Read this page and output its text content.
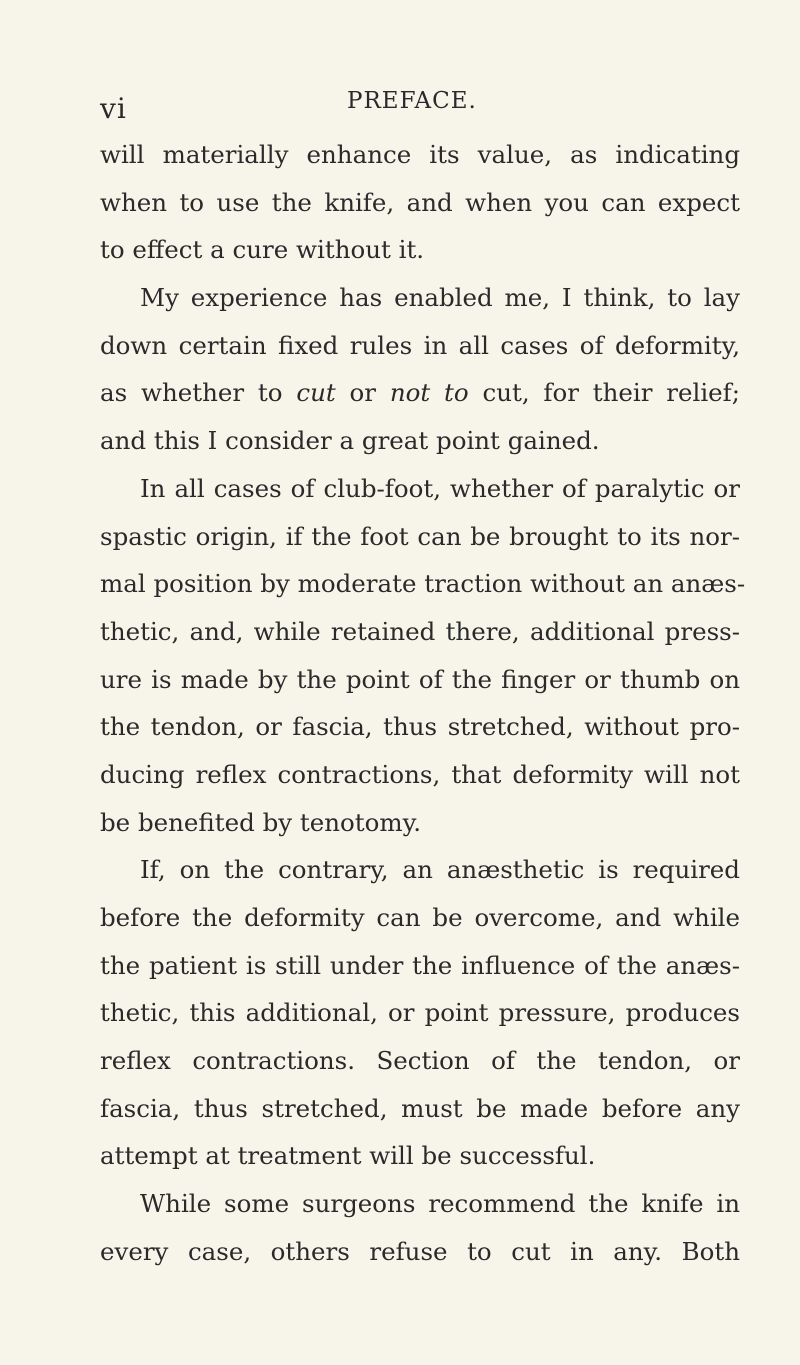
vi	PREFACE.
will materially enhance its value, as indicating
when to use the knife, and when you can expect
to effect a cure without it.
My experience has enabled me, I think, to lay
down certain fixed rules in all cases of deformity,
as whether to cut or not to cut, for their relief;
and this I consider a great point gained.
In all cases of club-foot, whether of paralytic or
spastic origin, if the foot can be brought to its nor-
mal position by moderate traction without an anæs-
thetic, and, while retained there, additional press-
ure is made by the point of the finger or thumb on
the tendon, or fascia, thus stretched, without pro-
ducing reflex contractions, that deformity will not
be benefited by tenotomy.
If, on the contrary, an anæsthetic is required
before the deformity can be overcome, and while
the patient is still under the influence of the anæs-
thetic, this additional, or point pressure, produces
reflex contractions. Section of the tendon, or
fascia, thus stretched, must be made before any
attempt at treatment will be successful.
While some surgeons recommend the knife in
every case, others refuse to cut in any. Both
